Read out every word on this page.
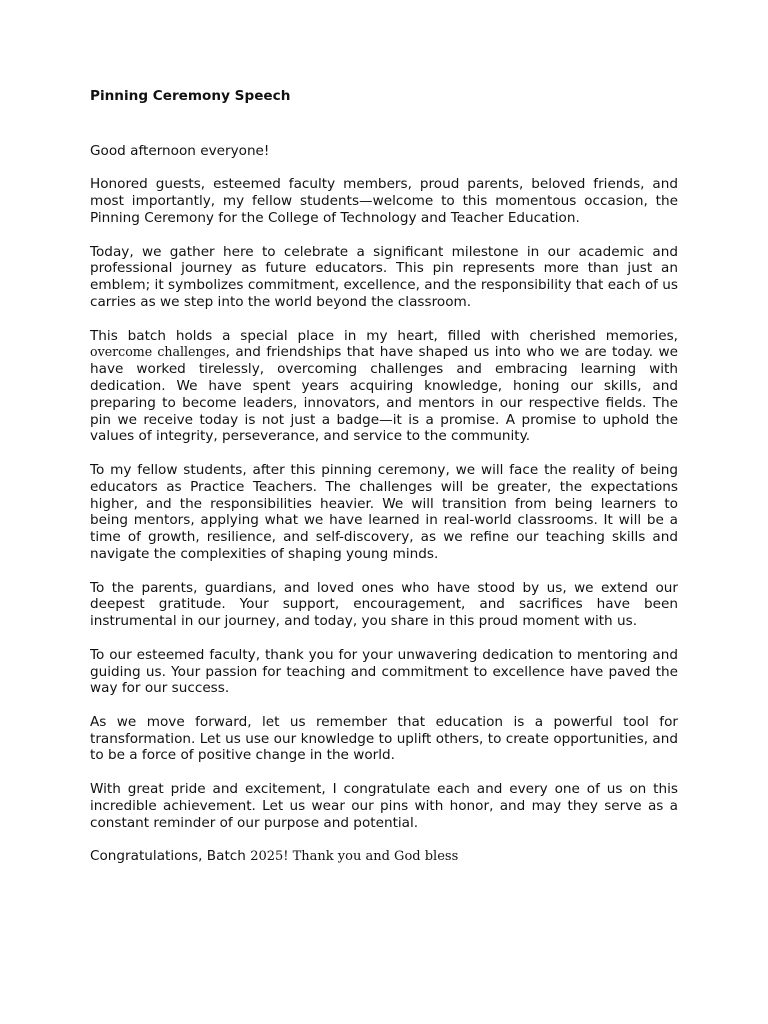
Pinning Ceremony Speech

Good afternoon everyone!

Honored guests, esteemed faculty members, proud parents, beloved friends, and most importantly, my fellow students—welcome to this momentous occasion, the Pinning Ceremony for the College of Technology and Teacher Education.

Today, we gather here to celebrate a significant milestone in our academic and professional journey as future educators. This pin represents more than just an emblem; it symbolizes commitment, excellence, and the responsibility that each of us carries as we step into the world beyond the classroom.

This batch holds a special place in my heart, filled with cherished memories, overcome challenges, and friendships that have shaped us into who we are today. we have worked tirelessly, overcoming challenges and embracing learning with dedication. We have spent years acquiring knowledge, honing our skills, and preparing to become leaders, innovators, and mentors in our respective fields. The pin we receive today is not just a badge—it is a promise. A promise to uphold the values of integrity, perseverance, and service to the community.

To my fellow students, after this pinning ceremony, we will face the reality of being educators as Practice Teachers. The challenges will be greater, the expectations higher, and the responsibilities heavier. We will transition from being learners to being mentors, applying what we have learned in real-world classrooms. It will be a time of growth, resilience, and self-discovery, as we refine our teaching skills and navigate the complexities of shaping young minds.

To the parents, guardians, and loved ones who have stood by us, we extend our deepest gratitude. Your support, encouragement, and sacrifices have been instrumental in our journey, and today, you share in this proud moment with us.

To our esteemed faculty, thank you for your unwavering dedication to mentoring and guiding us. Your passion for teaching and commitment to excellence have paved the way for our success.

As we move forward, let us remember that education is a powerful tool for transformation. Let us use our knowledge to uplift others, to create opportunities, and to be a force of positive change in the world.

With great pride and excitement, I congratulate each and every one of us on this incredible achievement. Let us wear our pins with honor, and may they serve as a constant reminder of our purpose and potential.

Congratulations, Batch 2025! Thank you and God bless
